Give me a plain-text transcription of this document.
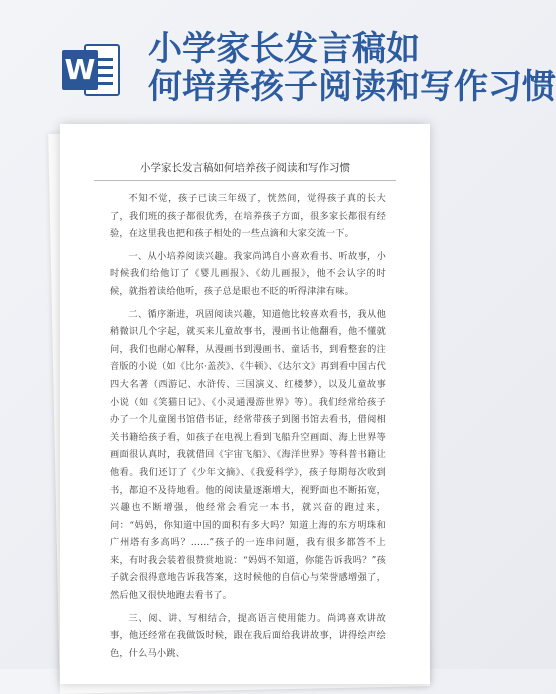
W
小学家长发言稿如
何培养孩子阅读和写作习惯
小学家长发言稿如何培养孩子阅读和写作习惯

不知不觉，孩子已读三年级了，恍然间，觉得孩子真的长大了，我们班的孩子都很优秀，在培养孩子方面，很多家长都很有经验，在这里我也把和孩子相处的一些点滴和大家交流一下。

一、从小培养阅读兴趣。我家尚鸿自小喜欢看书、听故事，小时候我们给他订了《婴儿画报》、《幼儿画报》，他不会认字的时候，就指着读给他听，孩子总是眼也不眨的听得津津有味。

二、循序渐进，巩固阅读兴趣，知道他比较喜欢看书，我从他稍微识几个字起，就买来儿童故事书，漫画书让他翻看，他不懂就问，我们也耐心解释，从漫画书到漫画书、童话书，到看整套的注音版的小说（如《比尔·盖茨》、《牛顿》、《达尔文》再到看中国古代四大名著（西游记、水浒传、三国演义、红楼梦），以及儿童故事小说（如《笑猫日记》、《小灵通漫游世界》等）。我们经常给孩子办了一个儿童图书馆借书证，经常带孩子到图书馆去看书，借阅相关书籍给孩子看，如孩子在电视上看到飞船升空画面、海上世界等画面很认真时，我就借回《宇宙飞船》、《海洋世界》等科普书籍让他看。我们还订了《少年文摘》、《我爱科学》，孩子每期每次收到书，都迫不及待地看。他的阅读量逐渐增大，视野面也不断拓宽，兴趣也不断增强，他经常会看完一本书，就兴奋的跑过来，问：“妈妈，你知道中国的面积有多大吗？知道上海的东方明珠和广州塔有多高吗？……”孩子的一连串问题，我有很多都答不上来，有时我会装着很赞赏地说：“妈妈不知道，你能告诉我吗？”孩子就会很得意地告诉我答案，这时候他的自信心与荣誉感增强了，然后他又很快地跑去看书了。

三、阅、讲、写相结合，提高语言使用能力。尚鸿喜欢讲故事，他还经常在我做饭时候，跟在我后面给我讲故事，讲得绘声绘色，什么马小跳、
